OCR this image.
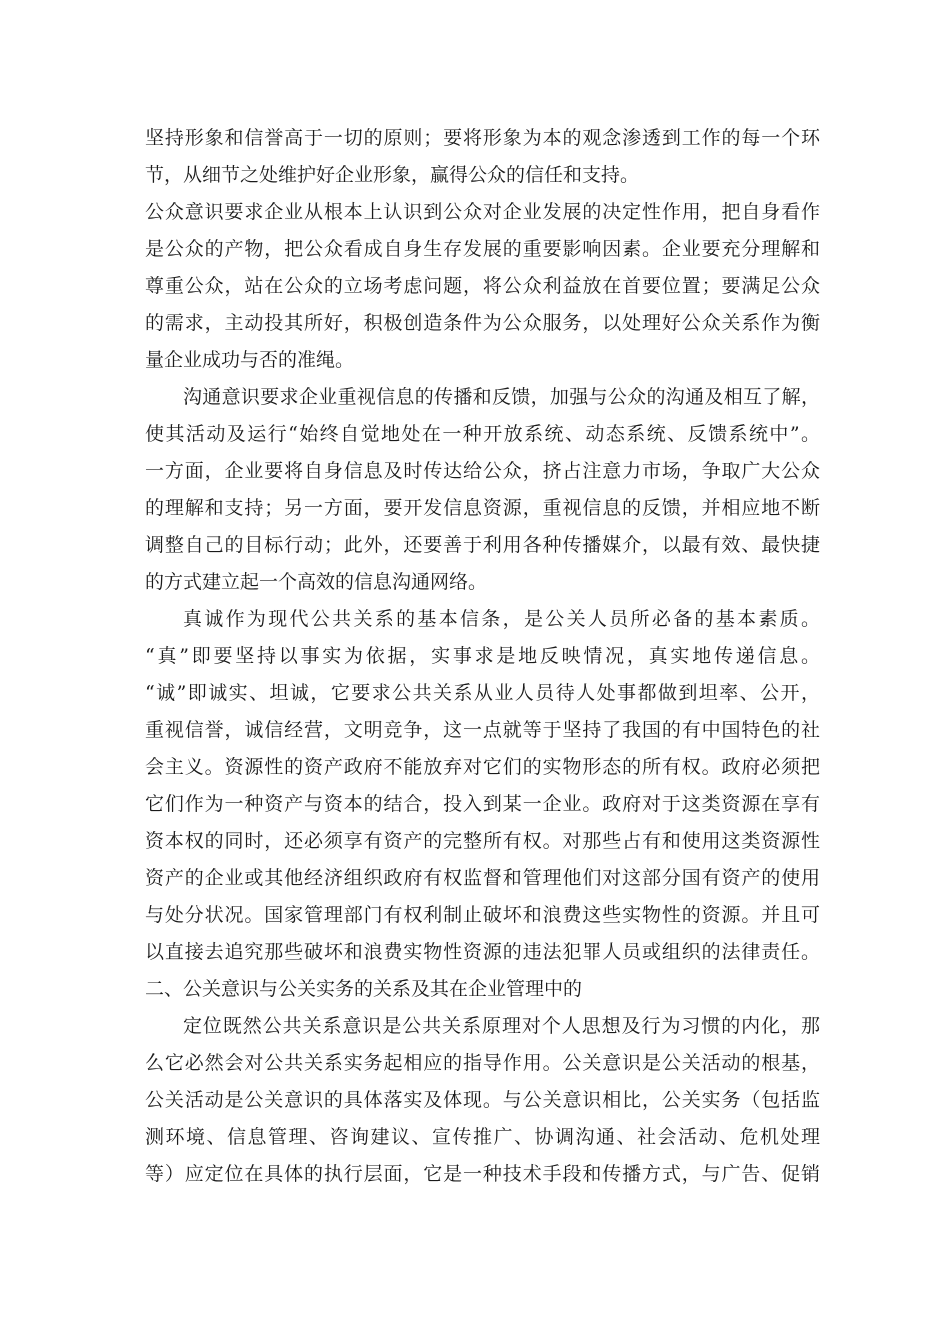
坚持形象和信誉高于一切的原则；要将形象为本的观念渗透到工作的每一个环
节，从细节之处维护好企业形象，赢得公众的信任和支持。
公众意识要求企业从根本上认识到公众对企业发展的决定性作用，把自身看作
是公众的产物，把公众看成自身生存发展的重要影响因素。企业要充分理解和
尊重公众，站在公众的立场考虑问题，将公众利益放在首要位置；要满足公众
的需求，主动投其所好，积极创造条件为公众服务，以处理好公众关系作为衡
量企业成功与否的准绳。
沟通意识要求企业重视信息的传播和反馈，加强与公众的沟通及相互了解，
使其活动及运行“始终自觉地处在一种开放系统、动态系统、反馈系统中”。
一方面，企业要将自身信息及时传达给公众，挤占注意力市场，争取广大公众
的理解和支持；另一方面，要开发信息资源，重视信息的反馈，并相应地不断
调整自己的目标行动；此外，还要善于利用各种传播媒介，以最有效、最快捷
的方式建立起一个高效的信息沟通网络。
真诚作为现代公共关系的基本信条，是公关人员所必备的基本素质。
“真”即要坚持以事实为依据，实事求是地反映情况，真实地传递信息。
“诚”即诚实、坦诚，它要求公共关系从业人员待人处事都做到坦率、公开，
重视信誉，诚信经营，文明竞争，这一点就等于坚持了我国的有中国特色的社
会主义。资源性的资产政府不能放弃对它们的实物形态的所有权。政府必须把
它们作为一种资产与资本的结合，投入到某一企业。政府对于这类资源在享有
资本权的同时，还必须享有资产的完整所有权。对那些占有和使用这类资源性
资产的企业或其他经济组织政府有权监督和管理他们对这部分国有资产的使用
与处分状况。国家管理部门有权利制止破坏和浪费这些实物性的资源。并且可
以直接去追究那些破坏和浪费实物性资源的违法犯罪人员或组织的法律责任。
二、公关意识与公关实务的关系及其在企业管理中的
定位既然公共关系意识是公共关系原理对个人思想及行为习惯的内化，那
么它必然会对公共关系实务起相应的指导作用。公关意识是公关活动的根基，
公关活动是公关意识的具体落实及体现。与公关意识相比，公关实务（包括监
测环境、信息管理、咨询建议、宣传推广、协调沟通、社会活动、危机处理
等）应定位在具体的执行层面，它是一种技术手段和传播方式，与广告、促销
